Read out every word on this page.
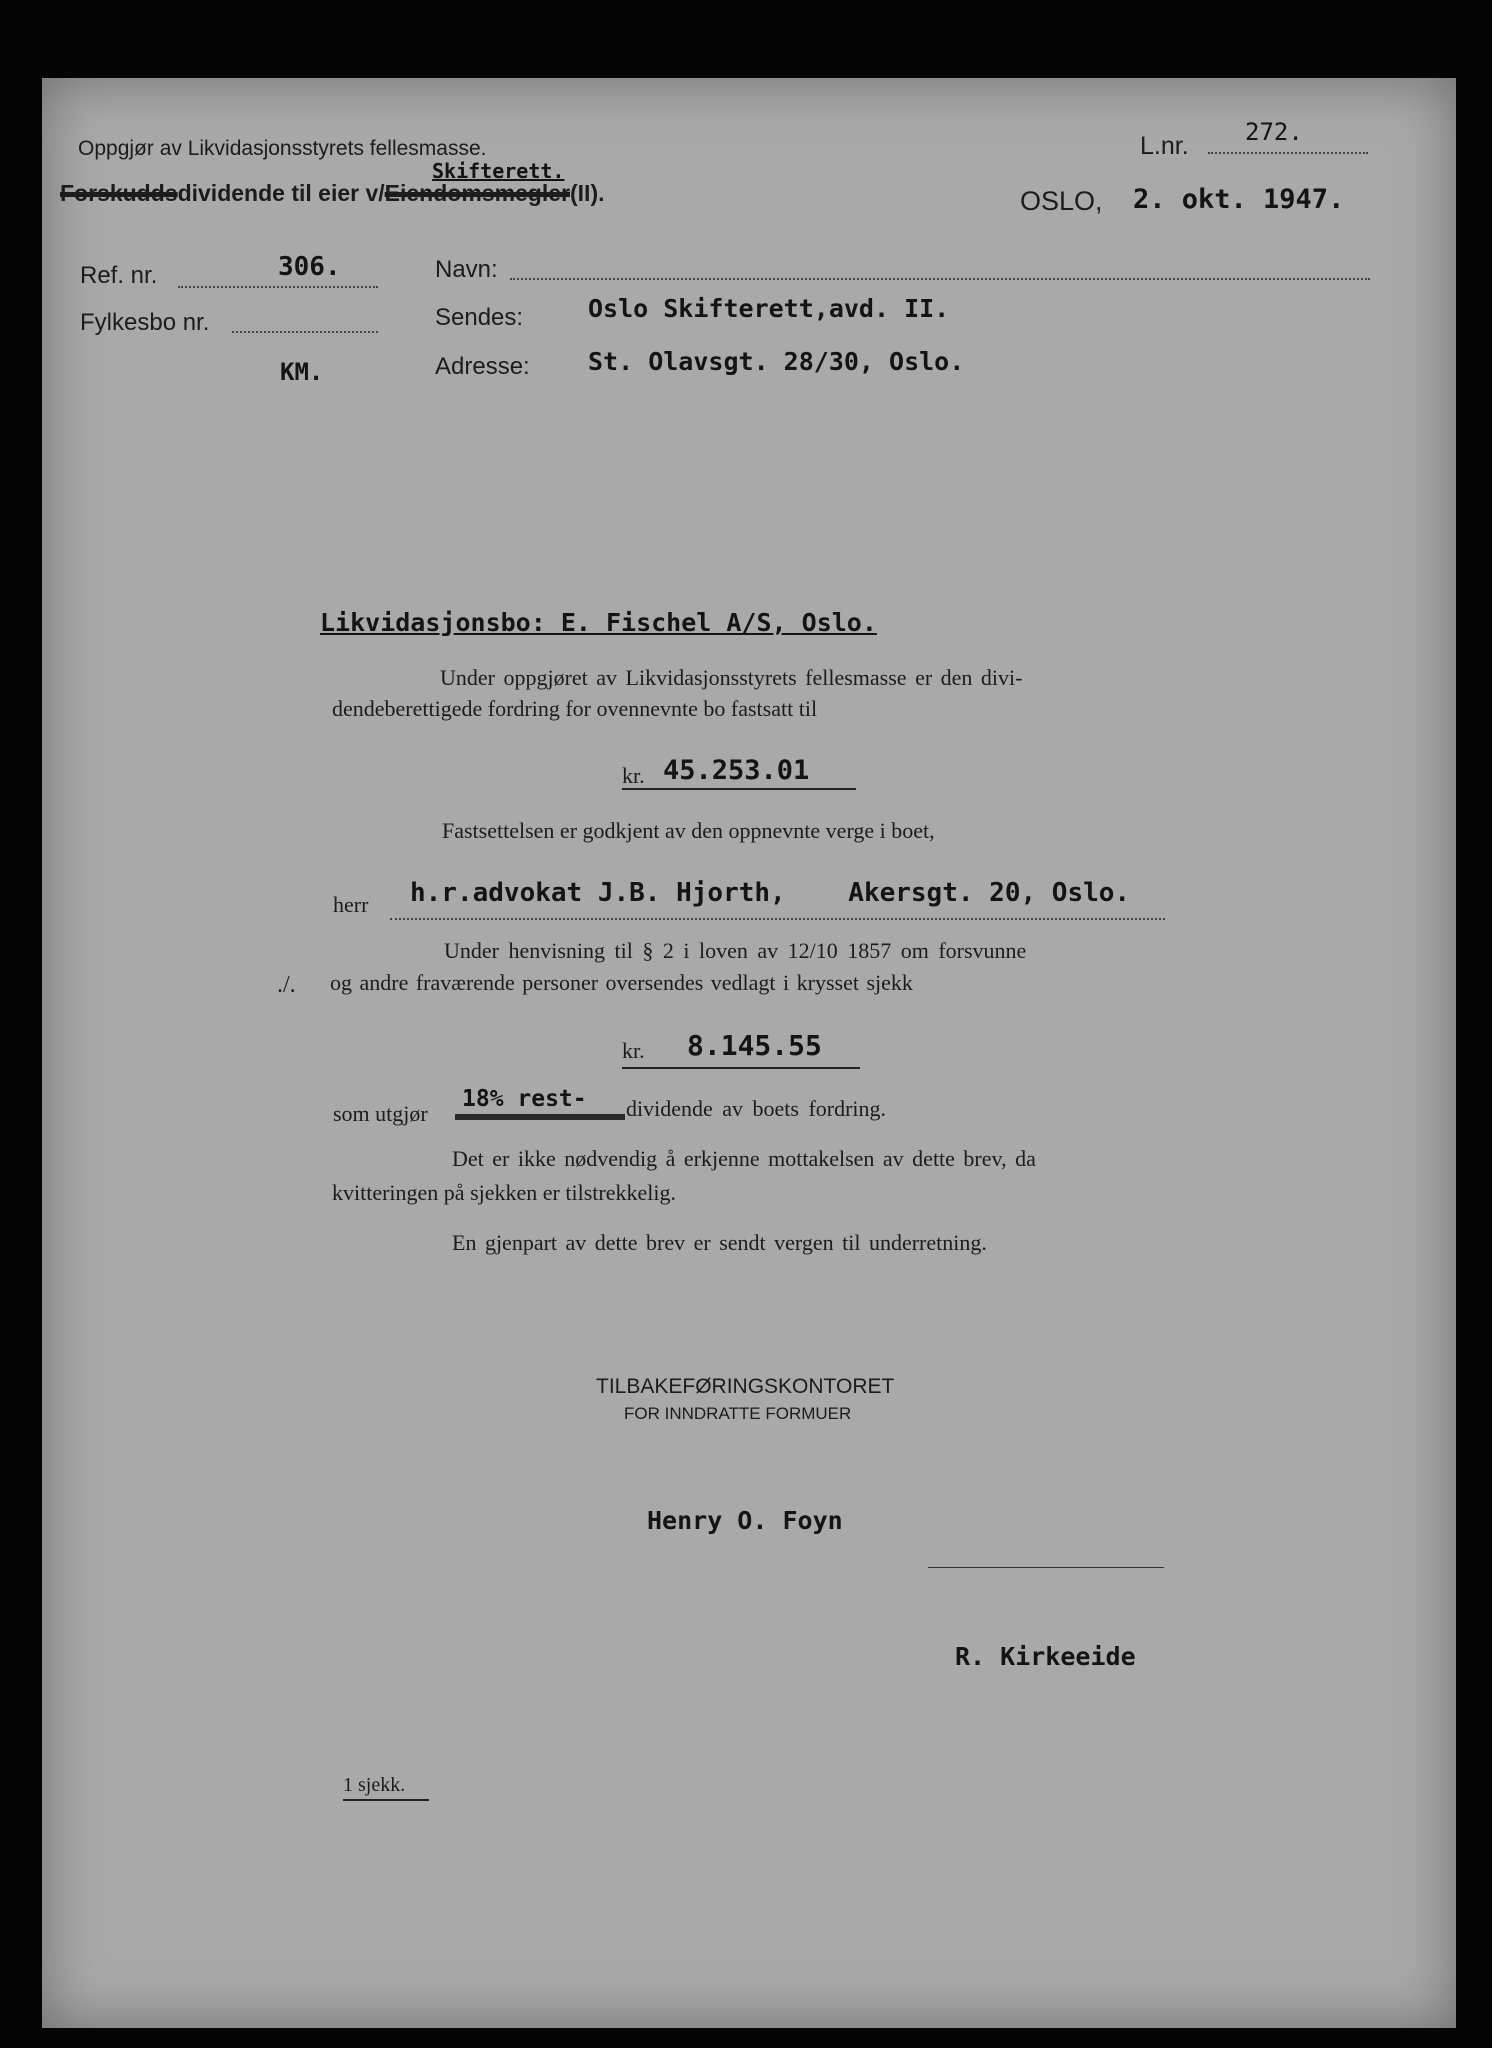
Oppgjør av Likvidasjonsstyrets fellesmasse.
Skifterett.
Forskuddsdividende til eier v/Eiendomsmegler(II).
L.nr. 272.
OSLO, 2. okt. 1947.
Ref. nr.	306.
Fylkesbo nr.
KM.
Navn:
Sendes:	Oslo Skifterett,avd. II.
Adresse: St. Olavsgt. 28/30, Oslo.
Likvidasjonsbo: E. Fischel A/S, Oslo.
Under oppgjøret av Likvidasjonsstyrets fellesmasse er den divi-
dendeberettigede fordring for ovennevnte bo fastsatt til
kr. 45.253.01
Fastsettelsen er godkjent av den oppnevnte verge i boet,
herr h.r.advokat J.B. Hjorth,    Akersgt. 20, Oslo.
Under henvisning til § 2 i loven av 12/10 1857 om forsvunne
./. og andre fraværende personer oversendes vedlagt i krysset sjekk
kr. 8.145.55
som utgjør
18% rest- dividende av boets fordring.
Det er ikke nødvendig å erkjenne mottakelsen av dette brev, da
kvitteringen på sjekken er tilstrekkelig.
En gjenpart av dette brev er sendt vergen til underretning.
TILBAKEFØRINGSKONTORET
FOR INNDRATTE FORMUER
Henry O. Foyn
R. Kirkeeide
1 sjekk.
